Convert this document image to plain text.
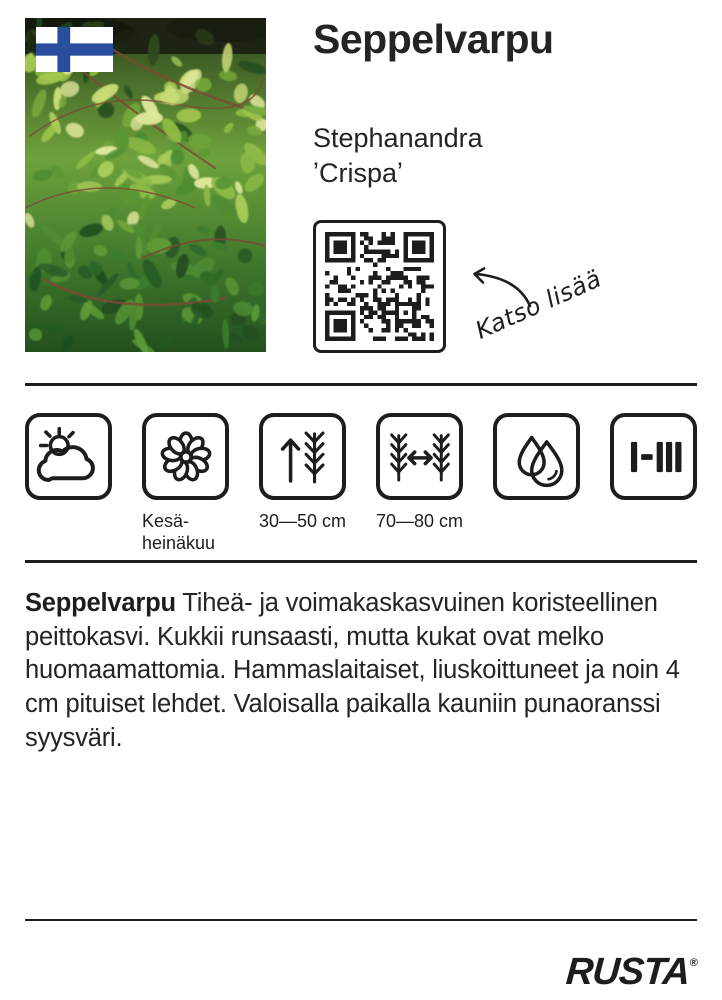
Seppelvarpu
Stephanandra
ʼCrispaʼ
Katso lisää
Kesä-
heinäkuu
30—50 cm 70—80 cm
Seppelvarpu Tiheä- ja voimakaskasvuinen koristeellinen peittokasvi. Kukkii runsaasti, mutta kukat ovat melko huomaamattomia. Hammaslaitaiset, liuskoittuneet ja noin 4 cm pituiset lehdet. Valoisalla paikalla kauniin punaoranssi syysväri.
RUSTA®
